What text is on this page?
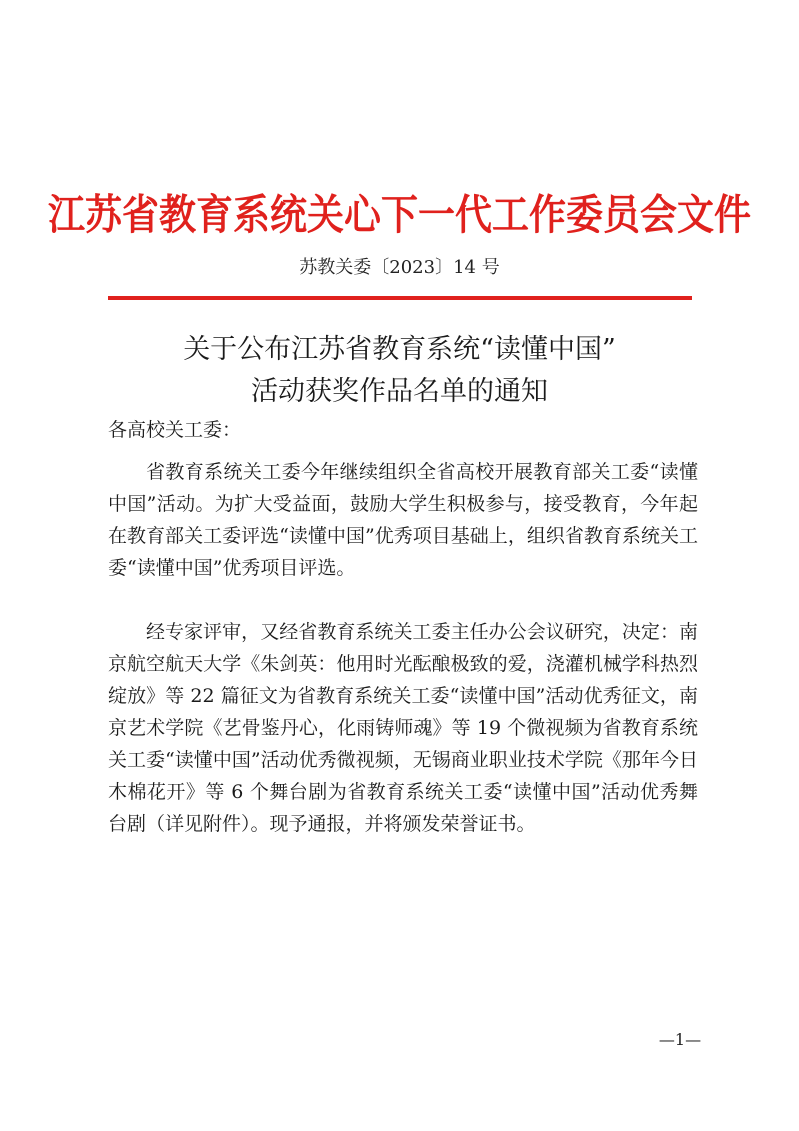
江苏省教育系统关心下一代工作委员会文件
苏教关委〔2023〕14 号
关于公布江苏省教育系统“读懂中国”
活动获奖作品名单的通知
各高校关工委：

省教育系统关工委今年继续组织全省高校开展教育部关工委“读懂中国”活动。为扩大受益面，鼓励大学生积极参与，接受教育，今年起在教育部关工委评选“读懂中国”优秀项目基础上，组织省教育系统关工委“读懂中国”优秀项目评选。

经专家评审，又经省教育系统关工委主任办公会议研究，决定：南京航空航天大学《朱剑英：他用时光酝酿极致的爱，浇灌机械学科热烈绽放》等 22 篇征文为省教育系统关工委“读懂中国”活动优秀征文，南京艺术学院《艺骨鉴丹心，化雨铸师魂》等 19 个微视频为省教育系统关工委“读懂中国”活动优秀微视频，无锡商业职业技术学院《那年今日木棉花开》等 6 个舞台剧为省教育系统关工委“读懂中国”活动优秀舞台剧（详见附件）。现予通报，并将颁发荣誉证书。

—1—
